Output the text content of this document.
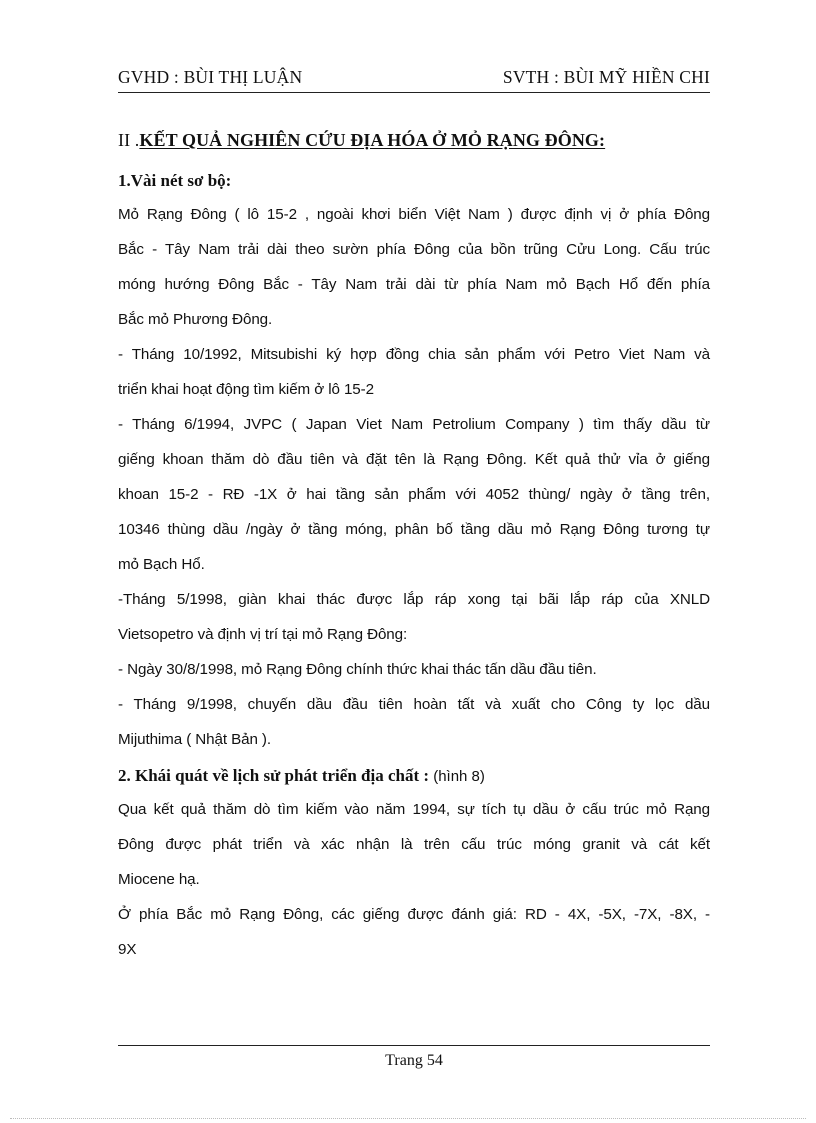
GVHD : BÙI THỊ LUẬN	SVTH : BÙI MỸ HIỀN CHI
II .KẾT QUẢ NGHIÊN CỨU ĐỊA HÓA Ở MỎ RẠNG ĐÔNG:
1.Vài nét sơ bộ:
Mỏ Rạng Đông ( lô 15-2 , ngoài khơi biển Việt Nam ) được định vị ở phía Đông
Bắc - Tây Nam trải dài theo sườn phía Đông của bồn trũng Cửu Long. Cấu trúc
móng hướng Đông Bắc - Tây Nam trải dài từ phía Nam mỏ Bạch Hổ đến phía
Bắc mỏ Phương Đông.
- Tháng 10/1992, Mitsubishi ký hợp đồng chia sản phẩm với Petro Viet Nam và
triển khai hoạt động tìm kiếm ở lô 15-2
- Tháng 6/1994, JVPC ( Japan Viet Nam Petrolium Company ) tìm thấy dầu từ
giếng khoan thăm dò đầu tiên và đặt tên là Rạng Đông. Kết quả thử vỉa ở giếng
khoan 15-2 - RĐ -1X ở hai tầng sản phẩm với 4052 thùng/ ngày ở tầng trên,
10346 thùng dầu /ngày ở tầng móng, phân bố tầng dầu mỏ Rạng Đông tương tự
mỏ Bạch Hổ.
-Tháng 5/1998, giàn khai thác được lắp ráp xong tại bãi lắp ráp của XNLD
Vietsopetro và định vị trí tại mỏ Rạng Đông:
- Ngày 30/8/1998, mỏ Rạng Đông chính thức khai thác tấn dầu đầu tiên.
- Tháng 9/1998, chuyến dầu đầu tiên hoàn tất và xuất cho Công ty lọc dầu
Mijuthima ( Nhật Bản ).
2. Khái quát về lịch sử phát triển địa chất : (hình 8)
Qua kết quả thăm dò tìm kiếm vào năm 1994, sự tích tụ dầu ở cấu trúc mỏ Rạng
Đông được phát triển và xác nhận là trên cấu trúc móng granit và cát kết
Miocene hạ.
Ở phía Bắc mỏ Rạng Đông, các giếng được đánh giá: RD - 4X, -5X, -7X, -8X, -
9X
Trang 54
